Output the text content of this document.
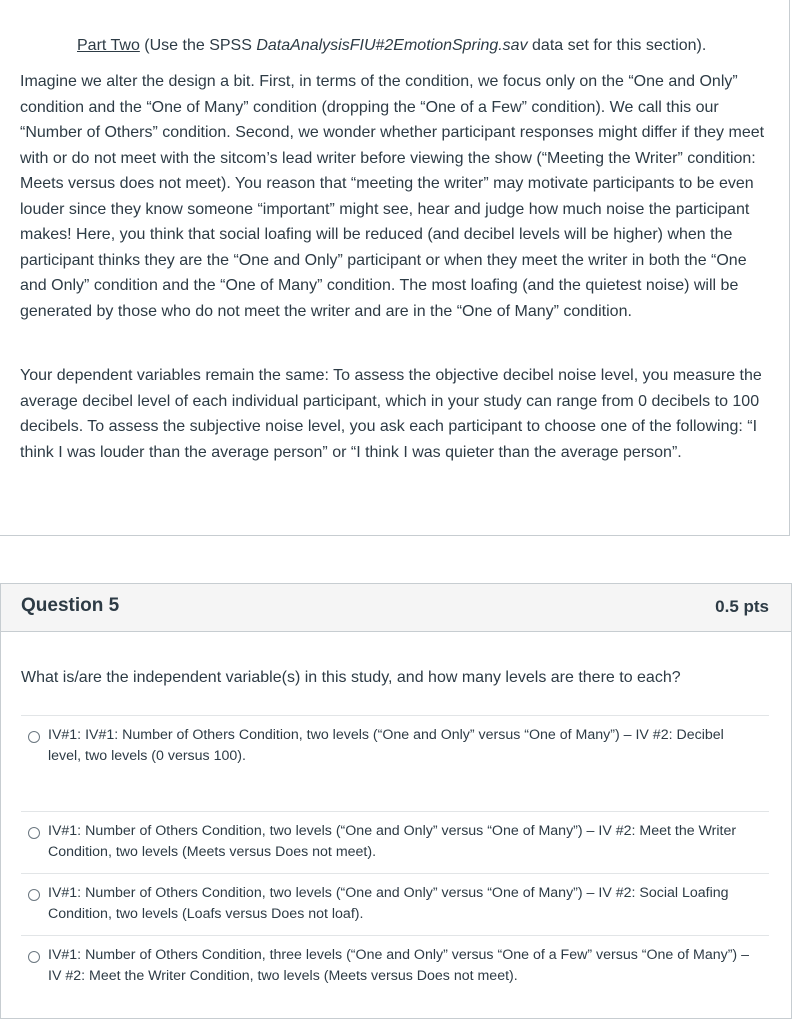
Part Two (Use the SPSS DataAnalysisFIU#2EmotionSpring.sav data set for this section).

Imagine we alter the design a bit. First, in terms of the condition, we focus only on the “One and Only” condition and the “One of Many” condition (dropping the “One of a Few” condition). We call this our “Number of Others” condition. Second, we wonder whether participant responses might differ if they meet with or do not meet with the sitcom’s lead writer before viewing the show (“Meeting the Writer” condition: Meets versus does not meet). You reason that “meeting the writer” may motivate participants to be even louder since they know someone “important” might see, hear and judge how much noise the participant makes! Here, you think that social loafing will be reduced (and decibel levels will be higher) when the participant thinks they are the “One and Only” participant or when they meet the writer in both the “One and Only” condition and the “One of Many” condition. The most loafing (and the quietest noise) will be generated by those who do not meet the writer and are in the “One of Many” condition.

Your dependent variables remain the same: To assess the objective decibel noise level, you measure the average decibel level of each individual participant, which in your study can range from 0 decibels to 100 decibels. To assess the subjective noise level, you ask each participant to choose one of the following: “I think I was louder than the average person” or “I think I was quieter than the average person”.

Question 5	0.5 pts
What is/are the independent variable(s) in this study, and how many levels are there to each?
IV#1: IV#1: Number of Others Condition, two levels (“One and Only” versus “One of Many”) – IV #2: Decibel level, two levels (0 versus 100).
IV#1: Number of Others Condition, two levels (“One and Only” versus “One of Many”) – IV #2: Meet the Writer Condition, two levels (Meets versus Does not meet).
IV#1: Number of Others Condition, two levels (“One and Only” versus “One of Many”) – IV #2: Social Loafing Condition, two levels (Loafs versus Does not loaf).
IV#1: Number of Others Condition, three levels (“One and Only” versus “One of a Few” versus “One of Many”) – IV #2: Meet the Writer Condition, two levels (Meets versus Does not meet).
